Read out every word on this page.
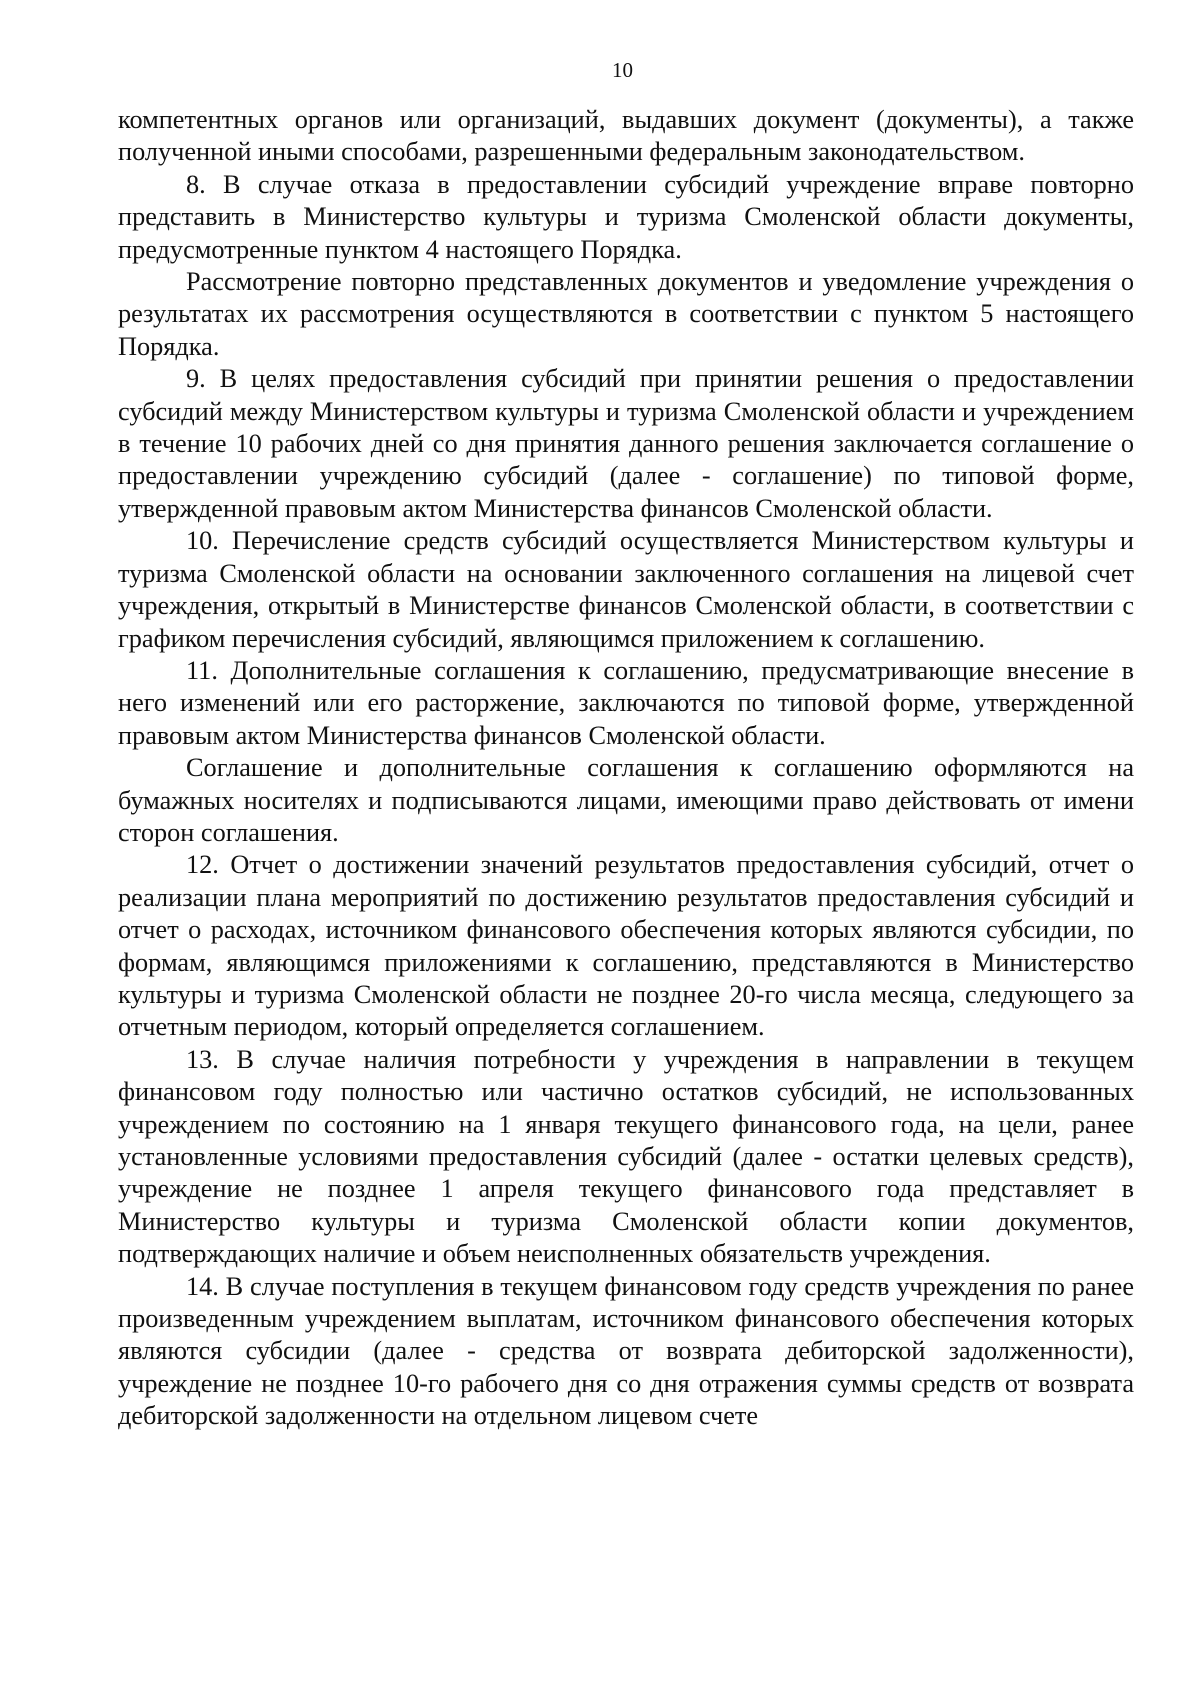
10

компетентных органов или организаций, выдавших документ (документы), а также полученной иными способами, разрешенными федеральным законодательством.

8. В случае отказа в предоставлении субсидий учреждение вправе повторно представить в Министерство культуры и туризма Смоленской области документы, предусмотренные пунктом 4 настоящего Порядка.

Рассмотрение повторно представленных документов и уведомление учреждения о результатах их рассмотрения осуществляются в соответствии с пунктом 5 настоящего Порядка.

9. В целях предоставления субсидий при принятии решения о предоставлении субсидий между Министерством культуры и туризма Смоленской области и учреждением в течение 10 рабочих дней со дня принятия данного решения заключается соглашение о предоставлении учреждению субсидий (далее - соглашение) по типовой форме, утвержденной правовым актом Министерства финансов Смоленской области.

10. Перечисление средств субсидий осуществляется Министерством культуры и туризма Смоленской области на основании заключенного соглашения на лицевой счет учреждения, открытый в Министерстве финансов Смоленской области, в соответствии с графиком перечисления субсидий, являющимся приложением к соглашению.

11. Дополнительные соглашения к соглашению, предусматривающие внесение в него изменений или его расторжение, заключаются по типовой форме, утвержденной правовым актом Министерства финансов Смоленской области.

Соглашение и дополнительные соглашения к соглашению оформляются на бумажных носителях и подписываются лицами, имеющими право действовать от имени сторон соглашения.

12. Отчет о достижении значений результатов предоставления субсидий, отчет о реализации плана мероприятий по достижению результатов предоставления субсидий и отчет о расходах, источником финансового обеспечения которых являются субсидии, по формам, являющимся приложениями к соглашению, представляются в Министерство культуры и туризма Смоленской области не позднее 20-го числа месяца, следующего за отчетным периодом, который определяется соглашением.

13. В случае наличия потребности у учреждения в направлении в текущем финансовом году полностью или частично остатков субсидий, не использованных учреждением по состоянию на 1 января текущего финансового года, на цели, ранее установленные условиями предоставления субсидий (далее - остатки целевых средств), учреждение не позднее 1 апреля текущего финансового года представляет в Министерство культуры и туризма Смоленской области копии документов, подтверждающих наличие и объем неисполненных обязательств учреждения.

14. В случае поступления в текущем финансовом году средств учреждения по ранее произведенным учреждением выплатам, источником финансового обеспечения которых являются субсидии (далее - средства от возврата дебиторской задолженности), учреждение не позднее 10-го рабочего дня со дня отражения суммы средств от возврата дебиторской задолженности на отдельном лицевом счете
